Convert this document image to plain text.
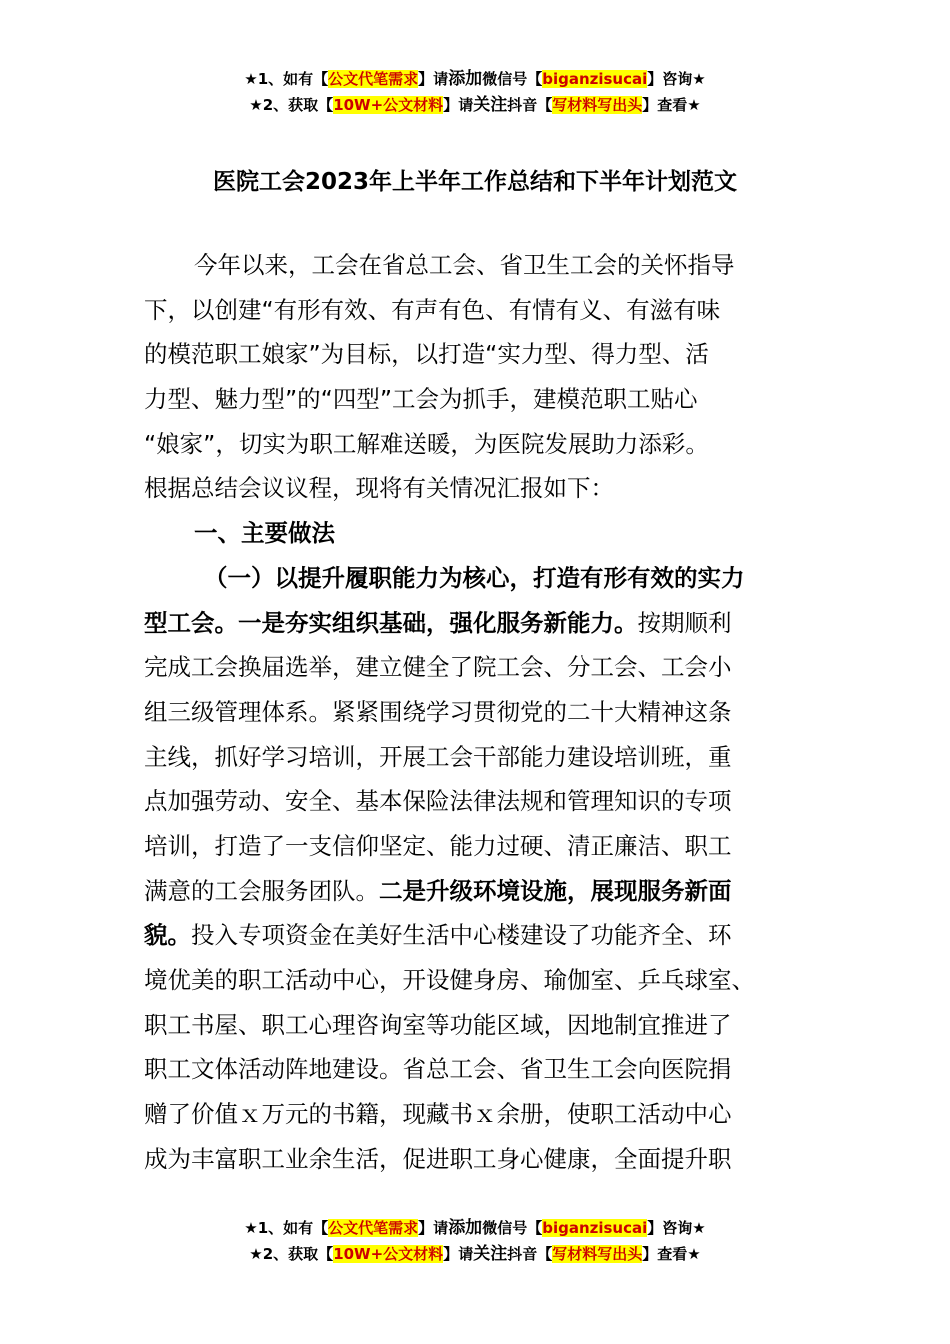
★1、如有【公文代笔需求】请添加微信号【biganzisucai】咨询★
★2、获取【10W+公文材料】请关注抖音【写材料写出头】查看★
医院工会2023年上半年工作总结和下半年计划范文
今年以来，工会在省总工会、省卫生工会的关怀指导
下，以创建“有形有效、有声有色、有情有义、有滋有味
的模范职工娘家”为目标，以打造“实力型、得力型、活
力型、魅力型”的“四型”工会为抓手，建模范职工贴心
“娘家”，切实为职工解难送暖，为医院发展助力添彩。
根据总结会议议程，现将有关情况汇报如下：
一、主要做法
（一）以提升履职能力为核心，打造有形有效的实力
型工会。一是夯实组织基础，强化服务新能力。按期顺利
完成工会换届选举，建立健全了院工会、分工会、工会小
组三级管理体系。紧紧围绕学习贯彻党的二十大精神这条
主线，抓好学习培训，开展工会干部能力建设培训班，重
点加强劳动、安全、基本保险法律法规和管理知识的专项
培训，打造了一支信仰坚定、能力过硬、清正廉洁、职工
满意的工会服务团队。二是升级环境设施，展现服务新面
貌。投入专项资金在美好生活中心楼建设了功能齐全、环
境优美的职工活动中心，开设健身房、瑜伽室、乒乓球室、
职工书屋、职工心理咨询室等功能区域，因地制宜推进了
职工文体活动阵地建设。省总工会、省卫生工会向医院捐
赠了价值ｘ万元的书籍，现藏书ｘ余册，使职工活动中心
成为丰富职工业余生活，促进职工身心健康，全面提升职
★1、如有【公文代笔需求】请添加微信号【biganzisucai】咨询★
★2、获取【10W+公文材料】请关注抖音【写材料写出头】查看★
